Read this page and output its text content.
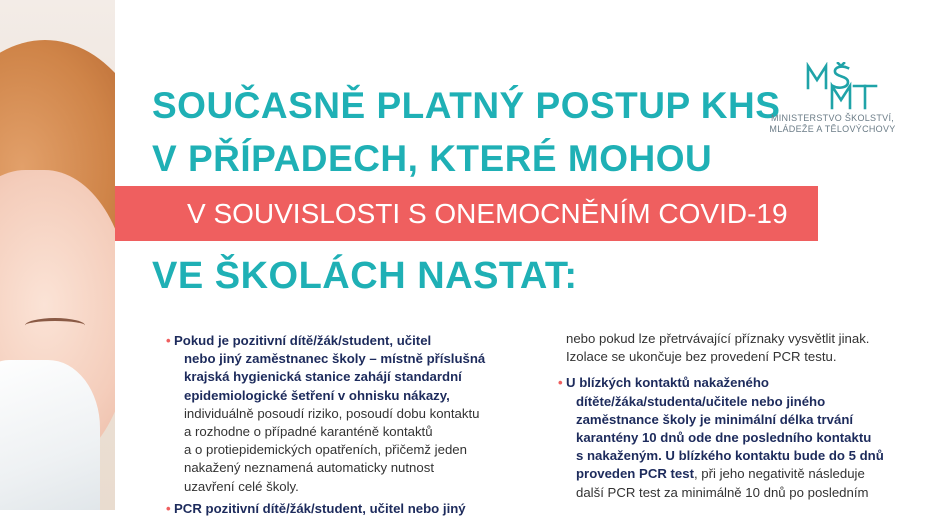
SOUČASNĚ PLATNÝ POSTUP KHS
V PŘÍPADECH, KTERÉ MOHOU
V SOUVISLOSTI S ONEMOCNĚNÍM COVID-19
VE ŠKOLÁCH NASTAT:
MINISTERSTVO ŠKOLSTVÍ,
MLÁDEŽE A TĚLOVÝCHOVY
• Pokud je pozitivní dítě/žák/student, učitel
nebo jiný zaměstnanec školy – místně příslušná
krajská hygienická stanice zahájí standardní
epidemiologické šetření v ohnisku nákazy,
individuálně posoudí riziko, posoudí dobu kontaktu
a rozhodne o případné karanténě kontaktů
a o protiepidemických opatřeních, přičemž jeden
nakažený neznamená automaticky nutnost
uzavření celé školy.
• PCR pozitivní dítě/žák/student, učitel nebo jiný
nebo pokud lze přetrvávající příznaky vysvětlit jinak.
Izolace se ukončuje bez provedení PCR testu.
• U blízkých kontaktů nakaženého
dítěte/žáka/studenta/učitele nebo jiného
zaměstnance školy je minimální délka trvání
karantény 10 dnů ode dne posledního kontaktu
s nakaženým. U blízkého kontaktu bude do 5 dnů
proveden PCR test, při jeho negativitě následuje
další PCR test za minimálně 10 dnů po posledním
